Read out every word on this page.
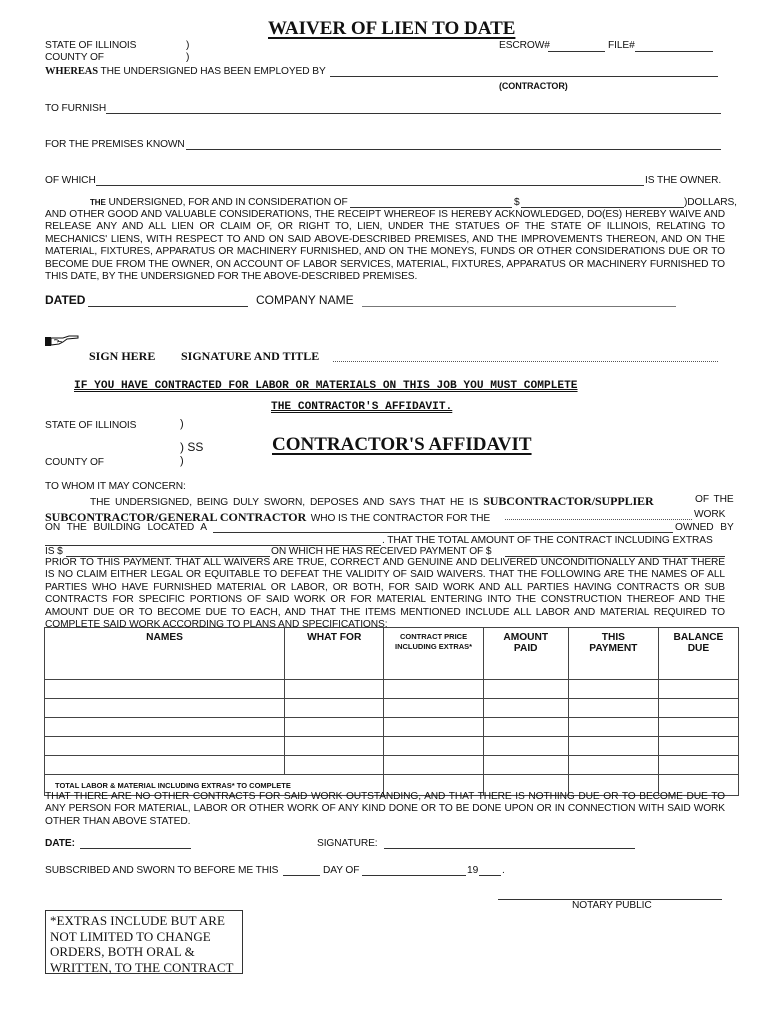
WAIVER OF LIEN TO DATE
STATE OF ILLINOIS	)
COUNTY OF	)
ESCROW#	FILE#
WHEREAS THE UNDERSIGNED HAS BEEN EMPLOYED BY
(CONTRACTOR)
TO FURNISH
FOR THE PREMISES KNOWN
OF WHICH	IS THE OWNER.
THE UNDERSIGNED, FOR AND IN CONSIDERATION OF	$	)DOLLARS,
AND OTHER GOOD AND VALUABLE CONSIDERATIONS, THE RECEIPT WHEREOF IS HEREBY ACKNOWLEDGED, DO(ES) HEREBY WAIVE AND RELEASE ANY AND ALL LIEN OR CLAIM OF, OR RIGHT TO, LIEN, UNDER THE STATUES OF THE STATE OF ILLINOIS, RELATING TO MECHANICS' LIENS, WITH RESPECT TO AND ON SAID ABOVE-DESCRIBED PREMISES, AND THE IMPROVEMENTS THEREON, AND ON THE MATERIAL, FIXTURES, APPARATUS OR MACHINERY FURNISHED, AND ON THE MONEYS, FUNDS OR OTHER CONSIDERATIONS DUE OR TO BECOME DUE FROM THE OWNER, ON ACCOUNT OF LABOR SERVICES, MATERIAL, FIXTURES, APPARATUS OR MACHINERY FURNISHED TO THIS DATE, BY THE UNDERSIGNED FOR THE ABOVE-DESCRIBED PREMISES.
DATED	COMPANY NAME
SIGN HERE SIGNATURE AND TITLE
IF YOU HAVE CONTRACTED FOR LABOR OR MATERIALS ON THIS JOB YOU MUST COMPLETE
THE CONTRACTOR'S AFFIDAVIT.
STATE OF ILLINOIS	)
) SS	CONTRACTOR'S AFFIDAVIT
COUNTY OF	)
TO WHOM IT MAY CONCERN:
THE UNDERSIGNED, BEING DULY SWORN, DEPOSES AND SAYS THAT HE IS SUBCONTRACTOR/SUPPLIER	OF THE
SUBCONTRACTOR/GENERAL CONTRACTOR WHO IS THE CONTRACTOR FOR THE	WORK
ON THE BUILDING LOCATED A	OWNED BY
. THAT THE TOTAL AMOUNT OF THE CONTRACT INCLUDING EXTRAS
IS $	ON WHICH HE HAS RECEIVED PAYMENT OF $
PRIOR TO THIS PAYMENT. THAT ALL WAIVERS ARE TRUE, CORRECT AND GENUINE AND DELIVERED UNCONDITIONALLY AND THAT THERE IS NO CLAIM EITHER LEGAL OR EQUITABLE TO DEFEAT THE VALIDITY OF SAID WAIVERS. THAT THE FOLLOWING ARE THE NAMES OF ALL PARTIES WHO HAVE FURNISHED MATERIAL OR LABOR, OR BOTH, FOR SAID WORK AND ALL PARTIES HAVING CONTRACTS OR SUB CONTRACTS FOR SPECIFIC PORTIONS OF SAID WORK OR FOR MATERIAL ENTERING INTO THE CONSTRUCTION THEREOF AND THE AMOUNT DUE OR TO BECOME DUE TO EACH, AND THAT THE ITEMS MENTIONED INCLUDE ALL LABOR AND MATERIAL REQUIRED TO COMPLETE SAID WORK ACCORDING TO PLANS AND SPECIFICATIONS:
NAMES	WHAT FOR	CONTRACT PRICE INCLUDING EXTRAS*	AMOUNT PAID	THIS PAYMENT	BALANCE DUE

TOTAL LABOR & MATERIAL INCLUDING EXTRAS* TO COMPLETE					
THAT THERE ARE NO OTHER CONTRACTS FOR SAID WORK OUTSTANDING, AND THAT THERE IS NOTHING DUE OR TO BECOME DUE TO ANY PERSON FOR MATERIAL, LABOR OR OTHER WORK OF ANY KIND DONE OR TO BE DONE UPON OR IN CONNECTION WITH SAID WORK OTHER THAN ABOVE STATED.
DATE:	SIGNATURE:
SUBSCRIBED AND SWORN TO BEFORE ME THIS	DAY OF	19 .
NOTARY PUBLIC
*EXTRAS INCLUDE BUT ARE NOT LIMITED TO CHANGE ORDERS, BOTH ORAL & WRITTEN, TO THE CONTRACT
